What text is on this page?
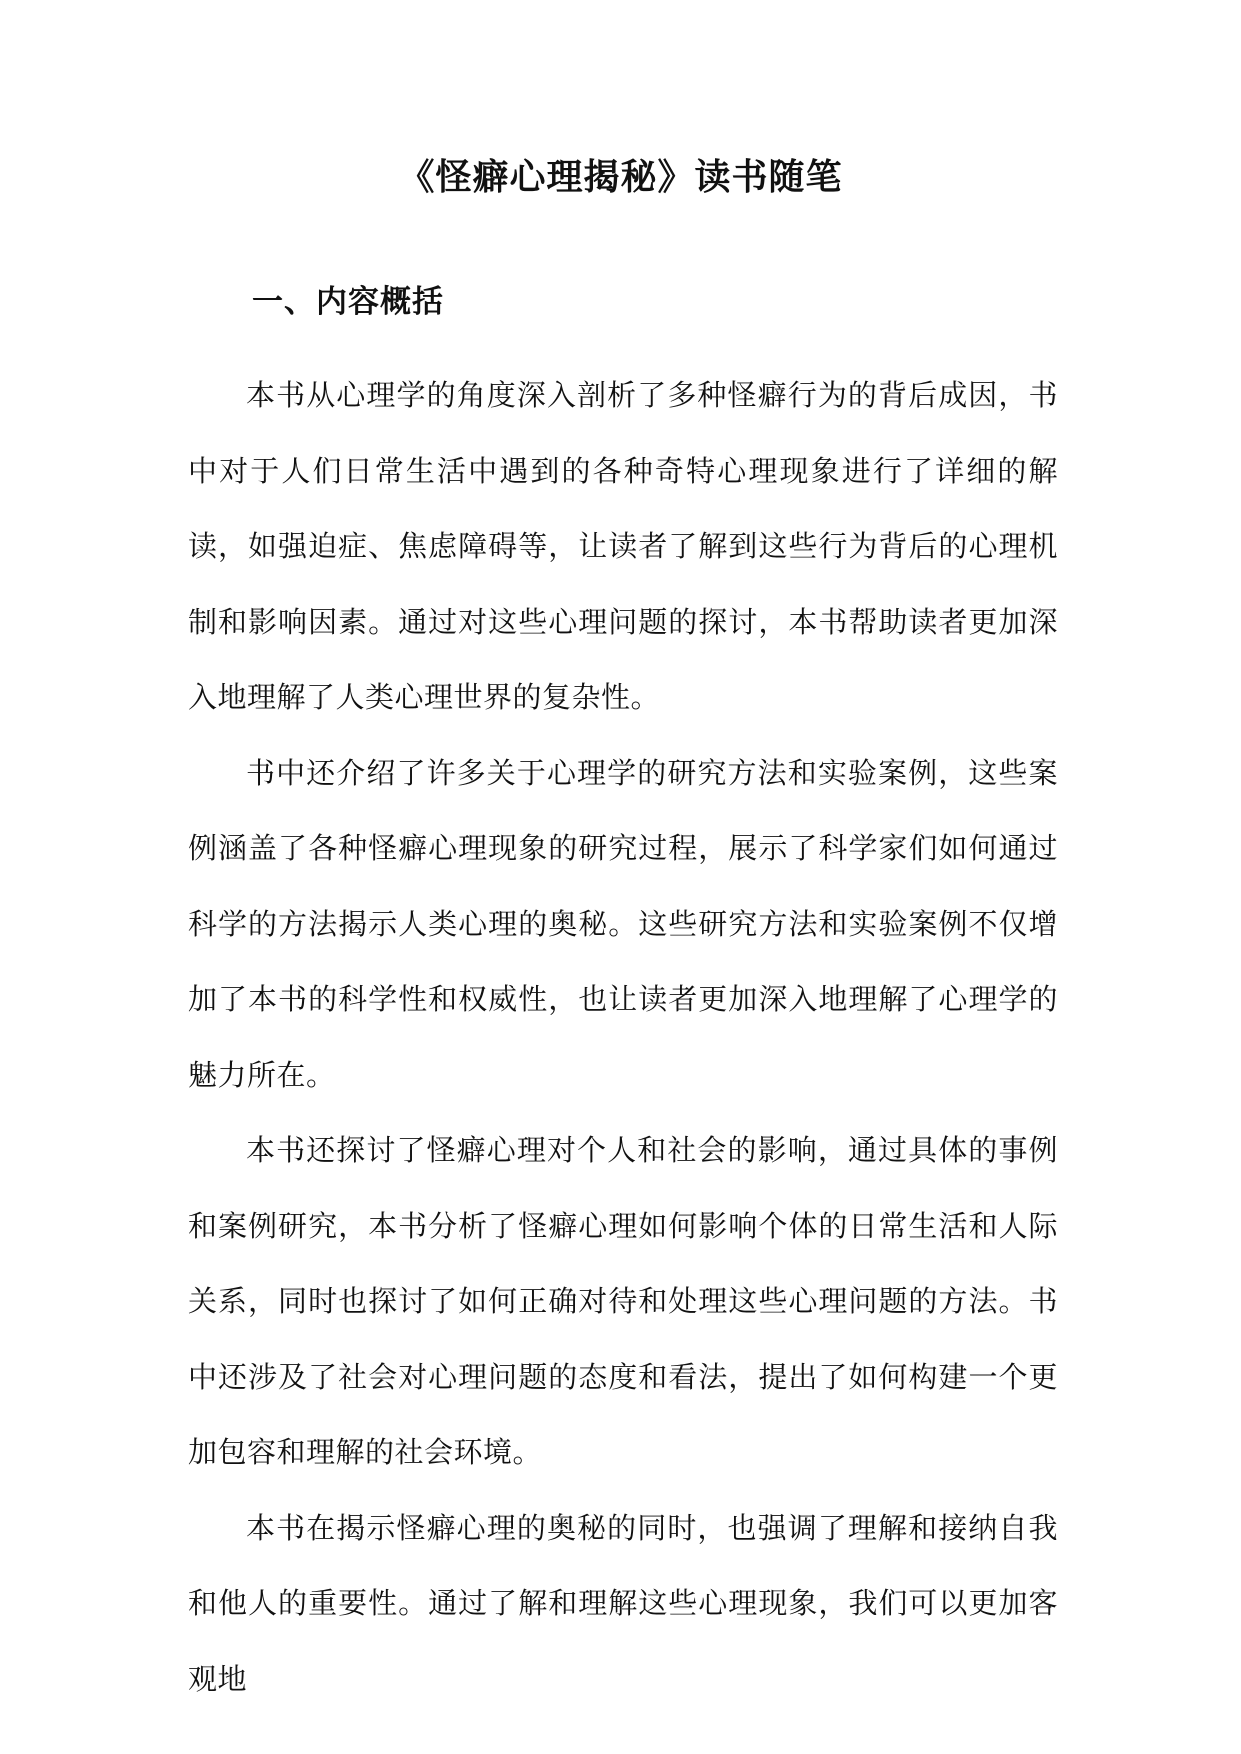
《怪癖心理揭秘》读书随笔
一、内容概括

本书从心理学的角度深入剖析了多种怪癖行为的背后成因，书中对于人们日常生活中遇到的各种奇特心理现象进行了详细的解读，如强迫症、焦虑障碍等，让读者了解到这些行为背后的心理机制和影响因素。通过对这些心理问题的探讨，本书帮助读者更加深入地理解了人类心理世界的复杂性。

书中还介绍了许多关于心理学的研究方法和实验案例，这些案例涵盖了各种怪癖心理现象的研究过程，展示了科学家们如何通过科学的方法揭示人类心理的奥秘。这些研究方法和实验案例不仅增加了本书的科学性和权威性，也让读者更加深入地理解了心理学的魅力所在。

本书还探讨了怪癖心理对个人和社会的影响，通过具体的事例和案例研究，本书分析了怪癖心理如何影响个体的日常生活和人际关系，同时也探讨了如何正确对待和处理这些心理问题的方法。书中还涉及了社会对心理问题的态度和看法，提出了如何构建一个更加包容和理解的社会环境。

本书在揭示怪癖心理的奥秘的同时，也强调了理解和接纳自我和他人的重要性。通过了解和理解这些心理现象，我们可以更加客观地
